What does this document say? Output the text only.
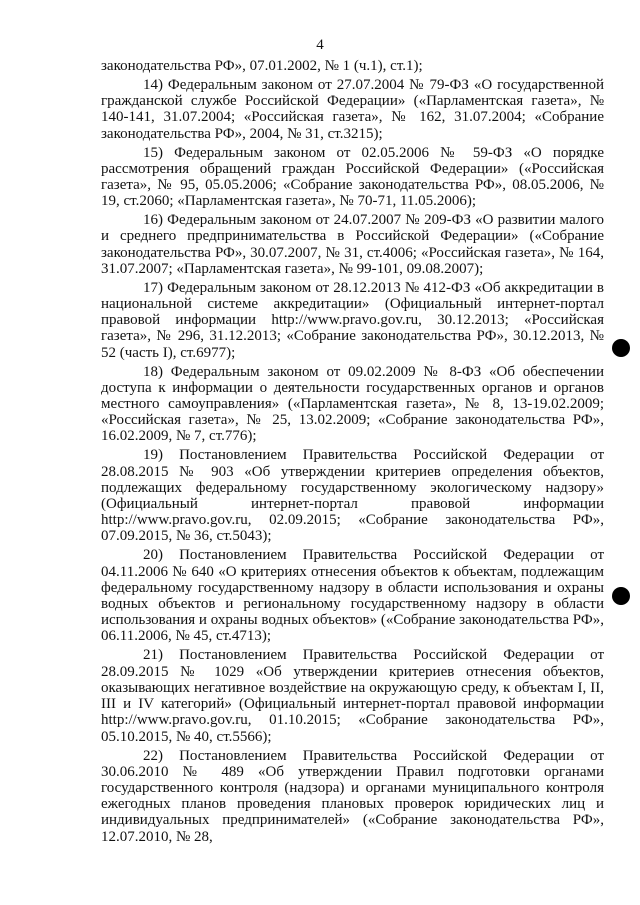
4

законодательства РФ», 07.01.2002, № 1 (ч.1), ст.1);

14) Федеральным законом от 27.07.2004 № 79-ФЗ «О государственной гражданской службе Российской Федерации» («Парламентская газета», № 140-141, 31.07.2004; «Российская газета», № 162, 31.07.2004; «Собрание законодательства РФ», 2004, № 31, ст.3215);

15) Федеральным законом от 02.05.2006 № 59-ФЗ «О порядке рассмотрения обращений граждан Российской Федерации» («Российская газета», № 95, 05.05.2006; «Собрание законодательства РФ», 08.05.2006, № 19, ст.2060; «Парламентская газета», № 70-71, 11.05.2006);

16) Федеральным законом от 24.07.2007 № 209-ФЗ «О развитии малого и среднего предпринимательства в Российской Федерации» («Собрание законодательства РФ», 30.07.2007, № 31, ст.4006; «Российская газета», № 164, 31.07.2007; «Парламентская газета», № 99-101, 09.08.2007);

17) Федеральным законом от 28.12.2013 № 412-ФЗ «Об аккредитации в национальной системе аккредитации» (Официальный интернет-портал правовой информации http://www.pravo.gov.ru, 30.12.2013; «Российская газета», № 296, 31.12.2013; «Собрание законодательства РФ», 30.12.2013, № 52 (часть I), ст.6977);

18) Федеральным законом от 09.02.2009 № 8-ФЗ «Об обеспечении доступа к информации о деятельности государственных органов и органов местного самоуправления» («Парламентская газета», № 8, 13-19.02.2009; «Российская газета», № 25, 13.02.2009; «Собрание законодательства РФ», 16.02.2009, № 7, ст.776);

19) Постановлением Правительства Российской Федерации от 28.08.2015 № 903 «Об утверждении критериев определения объектов, подлежащих федеральному государственному экологическому надзору» (Официальный интернет-портал правовой информации http://www.pravo.gov.ru, 02.09.2015; «Собрание законодательства РФ», 07.09.2015, № 36, ст.5043);

20) Постановлением Правительства Российской Федерации от 04.11.2006 № 640 «О критериях отнесения объектов к объектам, подлежащим федеральному государственному надзору в области использования и охраны водных объектов и региональному государственному надзору в области использования и охраны водных объектов» («Собрание законодательства РФ», 06.11.2006, № 45, ст.4713);

21) Постановлением Правительства Российской Федерации от 28.09.2015 № 1029 «Об утверждении критериев отнесения объектов, оказывающих негативное воздействие на окружающую среду, к объектам I, II, III и IV категорий» (Официальный интернет-портал правовой информации http://www.pravo.gov.ru, 01.10.2015; «Собрание законодательства РФ», 05.10.2015, № 40, ст.5566);

22) Постановлением Правительства Российской Федерации от 30.06.2010 № 489 «Об утверждении Правил подготовки органами государственного контроля (надзора) и органами муниципального контроля ежегодных планов проведения плановых проверок юридических лиц и индивидуальных предпринимателей» («Собрание законодательства РФ», 12.07.2010, № 28,
